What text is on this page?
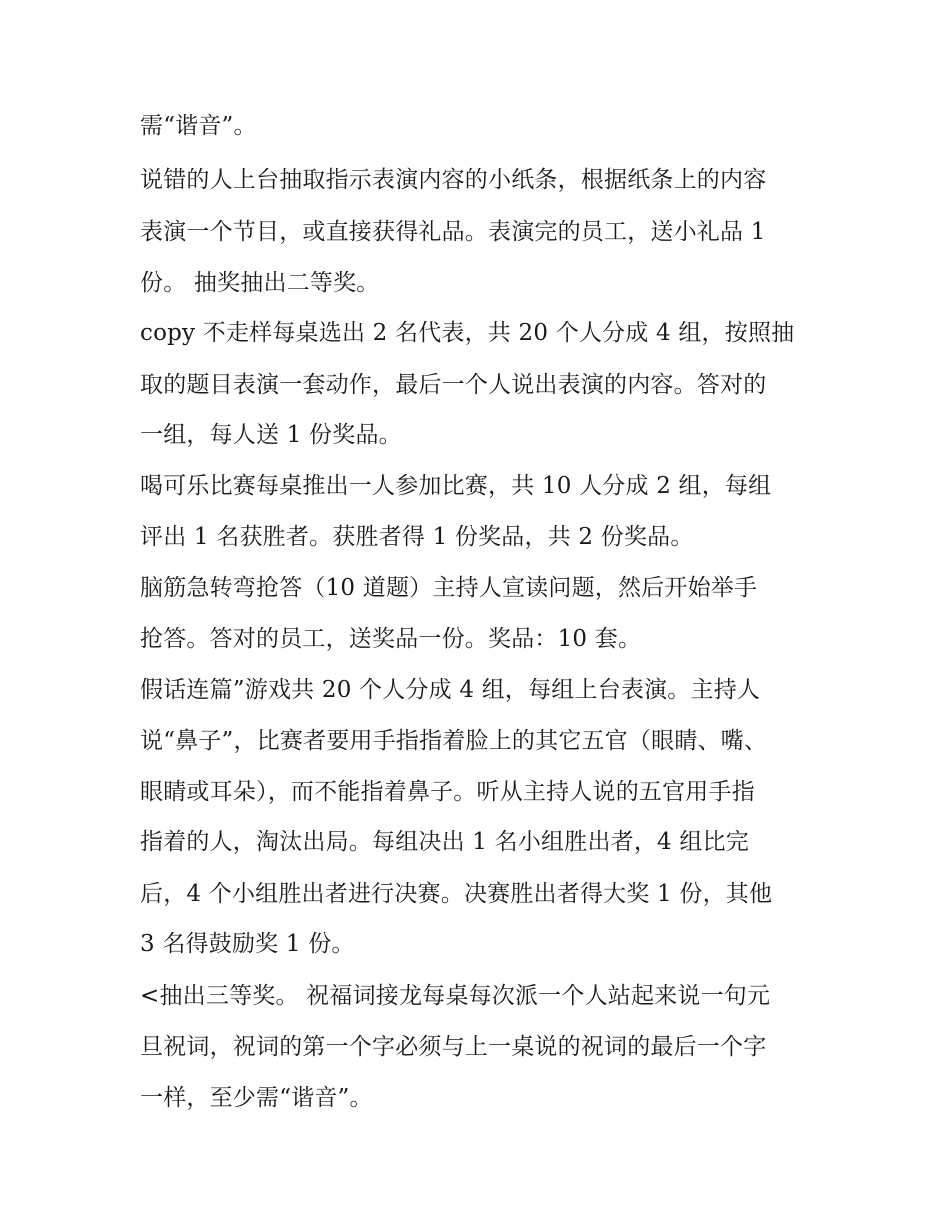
需“谐音”。
说错的人上台抽取指示表演内容的小纸条，根据纸条上的内容
表演一个节目，或直接获得礼品。表演完的员工，送小礼品 1
份。 抽奖抽出二等奖。
copy 不走样每桌选出 2 名代表，共 20 个人分成 4 组，按照抽
取的题目表演一套动作，最后一个人说出表演的内容。答对的
一组，每人送 1 份奖品。
喝可乐比赛每桌推出一人参加比赛，共 10 人分成 2 组，每组
评出 1 名获胜者。获胜者得 1 份奖品，共 2 份奖品。
脑筋急转弯抢答（10 道题）主持人宣读问题，然后开始举手
抢答。答对的员工，送奖品一份。奖品：10 套。
假话连篇”游戏共 20 个人分成 4 组，每组上台表演。主持人
说“鼻子”，比赛者要用手指指着脸上的其它五官（眼睛、嘴、
眼睛或耳朵），而不能指着鼻子。听从主持人说的五官用手指
指着的人，淘汰出局。每组决出 1 名小组胜出者，4 组比完
后，4 个小组胜出者进行决赛。决赛胜出者得大奖 1 份，其他
3 名得鼓励奖 1 份。
<抽出三等奖。 祝福词接龙每桌每次派一个人站起来说一句元
旦祝词，祝词的第一个字必须与上一桌说的祝词的最后一个字
一样，至少需“谐音”。
